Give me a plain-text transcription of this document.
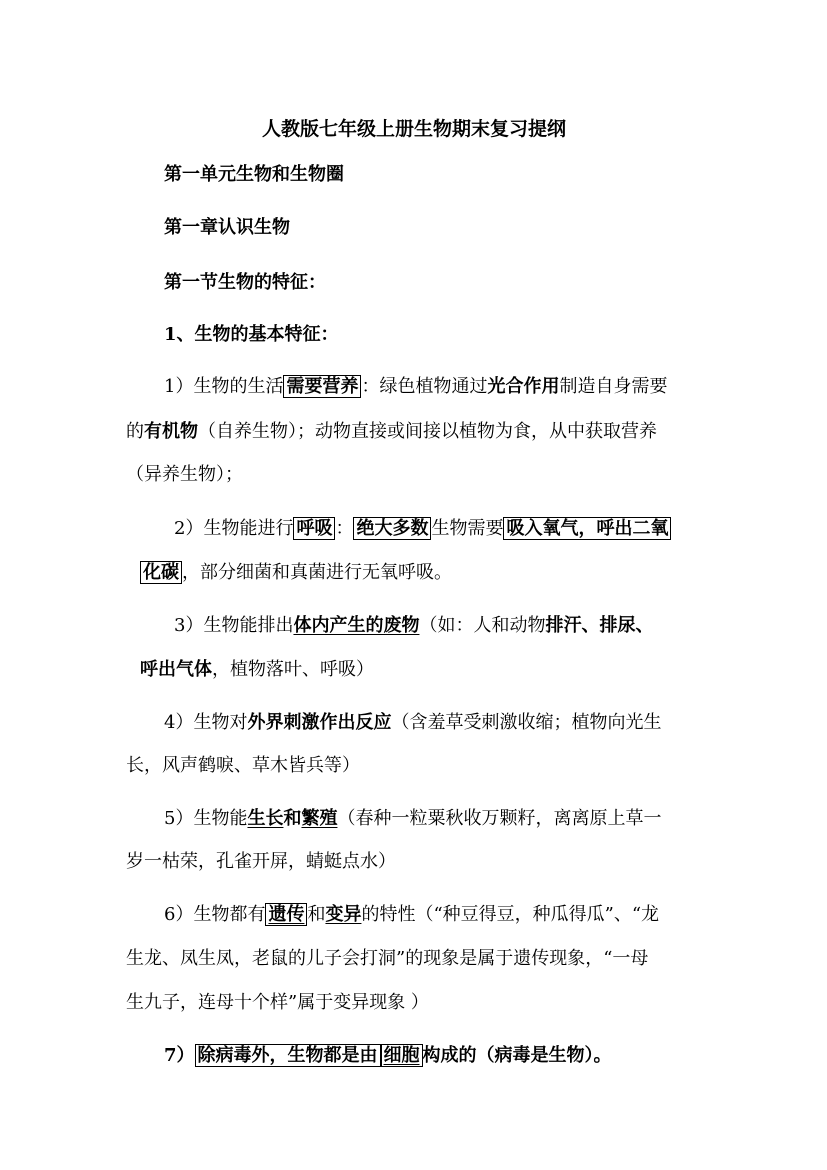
人教版七年级上册生物期末复习提纲
第一单元生物和生物圈
第一章认识生物
第一节生物的特征：
1、生物的基本特征：
1）生物的生活 需要营养 ：绿色植物通过光合作用制造自身需要
的有机物（自养生物）；动物直接或间接以植物为食，从中获取营养
（异养生物）；
2）生物能进行 呼吸 ： 绝大多数 生物需要 吸入氧气，呼出二氧
化碳 ，部分细菌和真菌进行无氧呼吸。
3）生物能排出体内产生的废物（如：人和动物排汗、排尿、
呼出气体，植物落叶、呼吸）
4）生物对外界刺激作出反应（含羞草受刺激收缩；植物向光生
长，风声鹤唳、草木皆兵等）
5）生物能生长和繁殖（春种一粒粟秋收万颗籽，离离原上草一
岁一枯荣，孔雀开屏，蜻蜓点水）
6）生物都有 遗传 和变异的特性（“种豆得豆，种瓜得瓜”、“龙
生龙、凤生凤，老鼠的儿子会打洞”的现象是属于遗传现象，“一母
生九子，连母十个样”属于变异现象 ）
7） 除病毒外，生物都是由 细胞 构成的（病毒是生物）。
